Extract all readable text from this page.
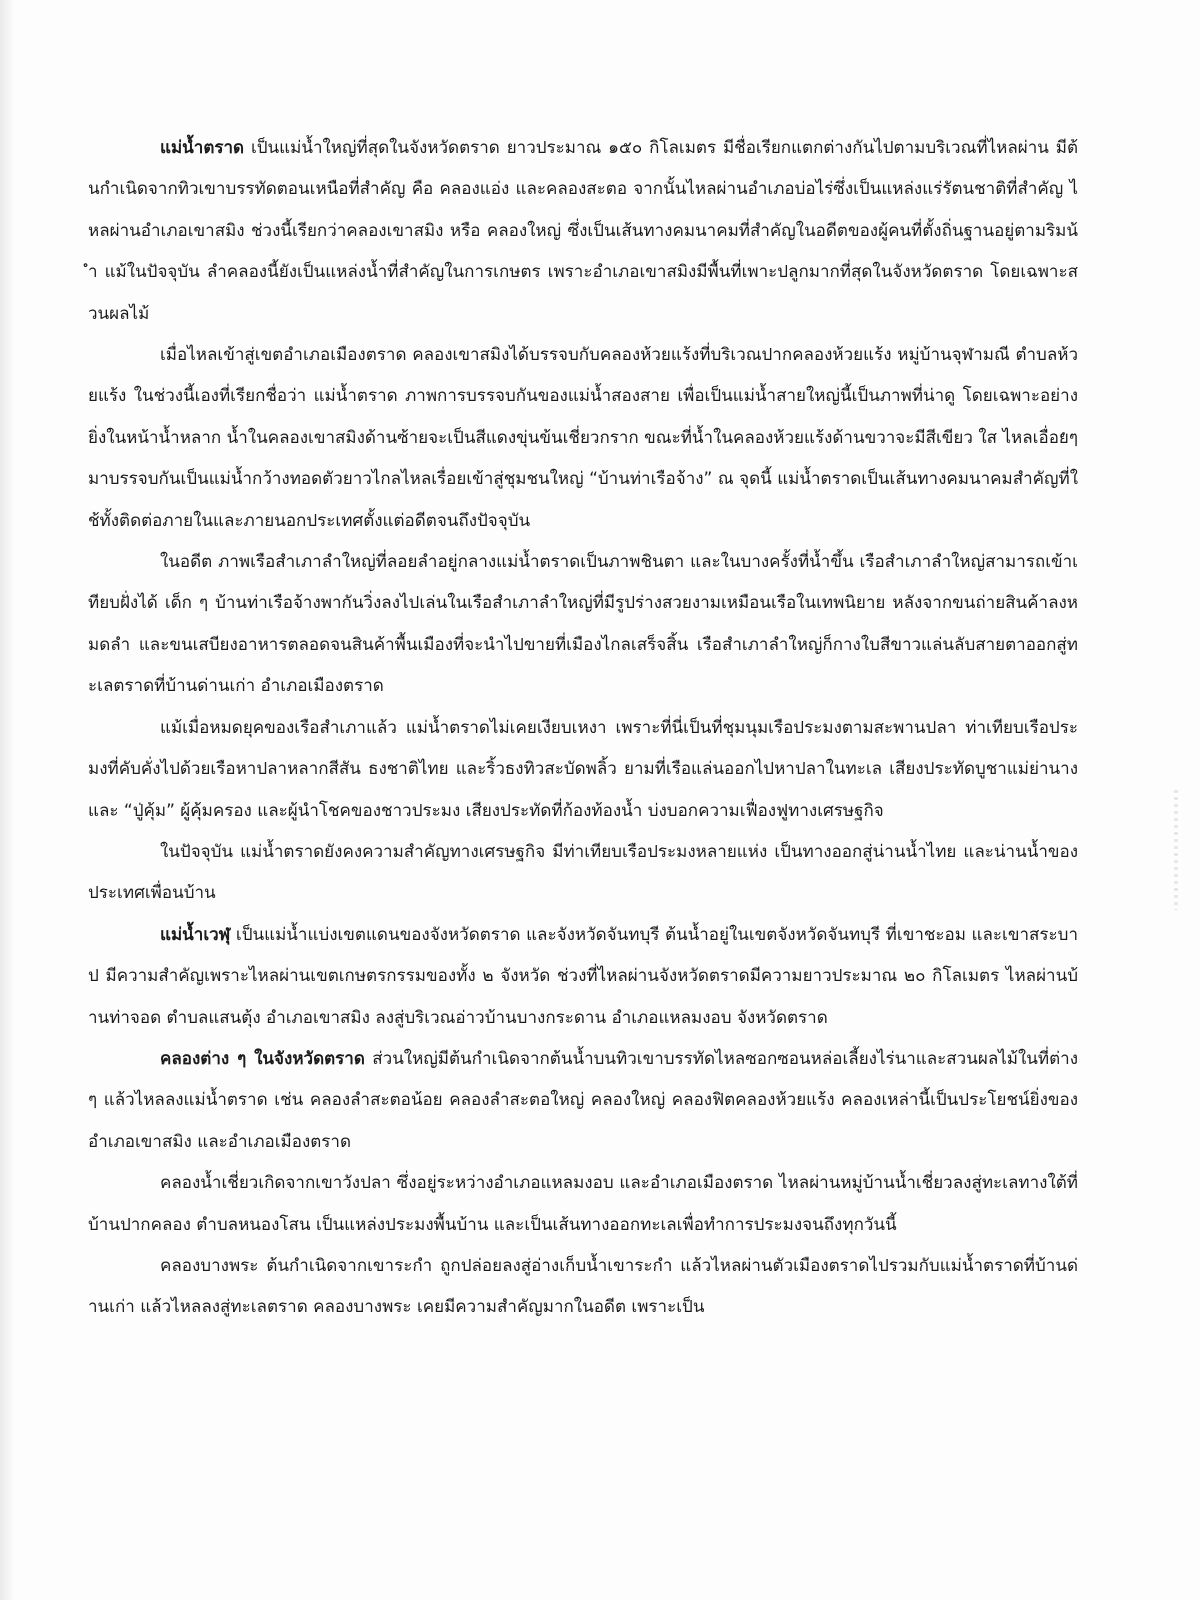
แม่น้ำตราด เป็นแม่น้ำใหญ่ที่สุดในจังหวัดตราด ยาวประมาณ ๑๕๐ กิโลเมตร มีชื่อเรียกแตกต่างกันไปตามบริเวณที่ไหลผ่าน มีต้นกำเนิดจากทิวเขาบรรทัดตอนเหนือที่สำคัญ คือ คลองแอ่ง และคลองสะตอ จากนั้นไหลผ่านอำเภอบ่อไร่ซึ่งเป็นแหล่งแร่รัตนชาติที่สำคัญ ไหลผ่านอำเภอเขาสมิง ช่วงนี้เรียกว่าคลองเขาสมิง หรือ คลองใหญ่ ซึ่งเป็นเส้นทางคมนาคมที่สำคัญในอดีตของผู้คนที่ตั้งถิ่นฐานอยู่ตามริมน้ำ แม้ในปัจจุบัน ลำคลองนี้ยังเป็นแหล่งน้ำที่สำคัญในการเกษตร เพราะอำเภอเขาสมิงมีพื้นที่เพาะปลูกมากที่สุดในจังหวัดตราด โดยเฉพาะสวนผลไม้

เมื่อไหลเข้าสู่เขตอำเภอเมืองตราด คลองเขาสมิงได้บรรจบกับคลองห้วยแร้งที่บริเวณปากคลองห้วยแร้ง หมู่บ้านจุฬามณี ตำบลห้วยแร้ง ในช่วงนี้เองที่เรียกชื่อว่า แม่น้ำตราด ภาพการบรรจบกันของแม่น้ำสองสาย เพื่อเป็นแม่น้ำสายใหญ่นี้เป็นภาพที่น่าดู โดยเฉพาะอย่างยิ่งในหน้าน้ำหลาก น้ำในคลองเขาสมิงด้านซ้ายจะเป็นสีแดงขุ่นข้นเชี่ยวกราก ขณะที่น้ำในคลองห้วยแร้งด้านขวาจะมีสีเขียว ใส ไหลเอื่อยๆ มาบรรจบกันเป็นแม่น้ำกว้างทอดตัวยาวไกลไหลเรื่อยเข้าสู่ชุมชนใหญ่ “บ้านท่าเรือจ้าง” ณ จุดนี้ แม่น้ำตราดเป็นเส้นทางคมนาคมสำคัญที่ใช้ทั้งติดต่อภายในและภายนอกประเทศตั้งแต่อดีตจนถึงปัจจุบัน

ในอดีต ภาพเรือสำเภาลำใหญ่ที่ลอยลำอยู่กลางแม่น้ำตราดเป็นภาพชินตา และในบางครั้งที่น้ำขึ้น เรือสำเภาลำใหญ่สามารถเข้าเทียบฝั่งได้ เด็ก ๆ บ้านท่าเรือจ้างพากันวิ่งลงไปเล่นในเรือสำเภาลำใหญ่ที่มีรูปร่างสวยงามเหมือนเรือในเทพนิยาย หลังจากขนถ่ายสินค้าลงหมดลำ และขนเสบียงอาหารตลอดจนสินค้าพื้นเมืองที่จะนำไปขายที่เมืองไกลเสร็จสิ้น เรือสำเภาลำใหญ่ก็กางใบสีขาวแล่นลับสายตาออกสู่ทะเลตราดที่บ้านด่านเก่า อำเภอเมืองตราด

แม้เมื่อหมดยุคของเรือสำเภาแล้ว แม่น้ำตราดไม่เคยเงียบเหงา เพราะที่นี่เป็นที่ชุมนุมเรือประมงตามสะพานปลา ท่าเทียบเรือประมงที่คับคั่งไปด้วยเรือหาปลาหลากสีสัน ธงชาติไทย และริ้วธงทิวสะบัดพลิ้ว ยามที่เรือแล่นออกไปหาปลาในทะเล เสียงประทัดบูชาแม่ย่านาง และ “ปู่คุ้ม” ผู้คุ้มครอง และผู้นำโชคของชาวประมง เสียงประทัดที่ก้องท้องน้ำ บ่งบอกความเฟื่องฟูทางเศรษฐกิจ

ในปัจจุบัน แม่น้ำตราดยังคงความสำคัญทางเศรษฐกิจ มีท่าเทียบเรือประมงหลายแห่ง เป็นทางออกสู่น่านน้ำไทย และน่านน้ำของประเทศเพื่อนบ้าน

แม่น้ำเวฬุ เป็นแม่น้ำแบ่งเขตแดนของจังหวัดตราด และจังหวัดจันทบุรี ต้นน้ำอยู่ในเขตจังหวัดจันทบุรี ที่เขาชะอม และเขาสระบาป มีความสำคัญเพราะไหลผ่านเขตเกษตรกรรมของทั้ง ๒ จังหวัด ช่วงที่ไหลผ่านจังหวัดตราดมีความยาวประมาณ ๒๐ กิโลเมตร ไหลผ่านบ้านท่าจอด ตำบลแสนตุ้ง อำเภอเขาสมิง ลงสู่บริเวณอ่าวบ้านบางกระดาน อำเภอแหลมงอบ จังหวัดตราด

คลองต่าง ๆ ในจังหวัดตราด ส่วนใหญ่มีต้นกำเนิดจากต้นน้ำบนทิวเขาบรรทัดไหลซอกซอนหล่อเลี้ยงไร่นาและสวนผลไม้ในที่ต่าง ๆ แล้วไหลลงแม่น้ำตราด เช่น คลองลำสะตอน้อย คลองลำสะตอใหญ่ คลองใหญ่ คลองฟิตคลองห้วยแร้ง คลองเหล่านี้เป็นประโยชน์ยิ่งของอำเภอเขาสมิง และอำเภอเมืองตราด

คลองน้ำเชี่ยวเกิดจากเขาวังปลา ซึ่งอยู่ระหว่างอำเภอแหลมงอบ และอำเภอเมืองตราด ไหลผ่านหมู่บ้านน้ำเชี่ยวลงสู่ทะเลทางใต้ที่บ้านปากคลอง ตำบลหนองโสน เป็นแหล่งประมงพื้นบ้าน และเป็นเส้นทางออกทะเลเพื่อทำการประมงจนถึงทุกวันนี้

คลองบางพระ ต้นกำเนิดจากเขาระกำ ถูกปล่อยลงสู่อ่างเก็บน้ำเขาระกำ แล้วไหลผ่านตัวเมืองตราดไปรวมกับแม่น้ำตราดที่บ้านด่านเก่า แล้วไหลลงสู่ทะเลตราด คลองบางพระ เคยมีความสำคัญมากในอดีต เพราะเป็น
